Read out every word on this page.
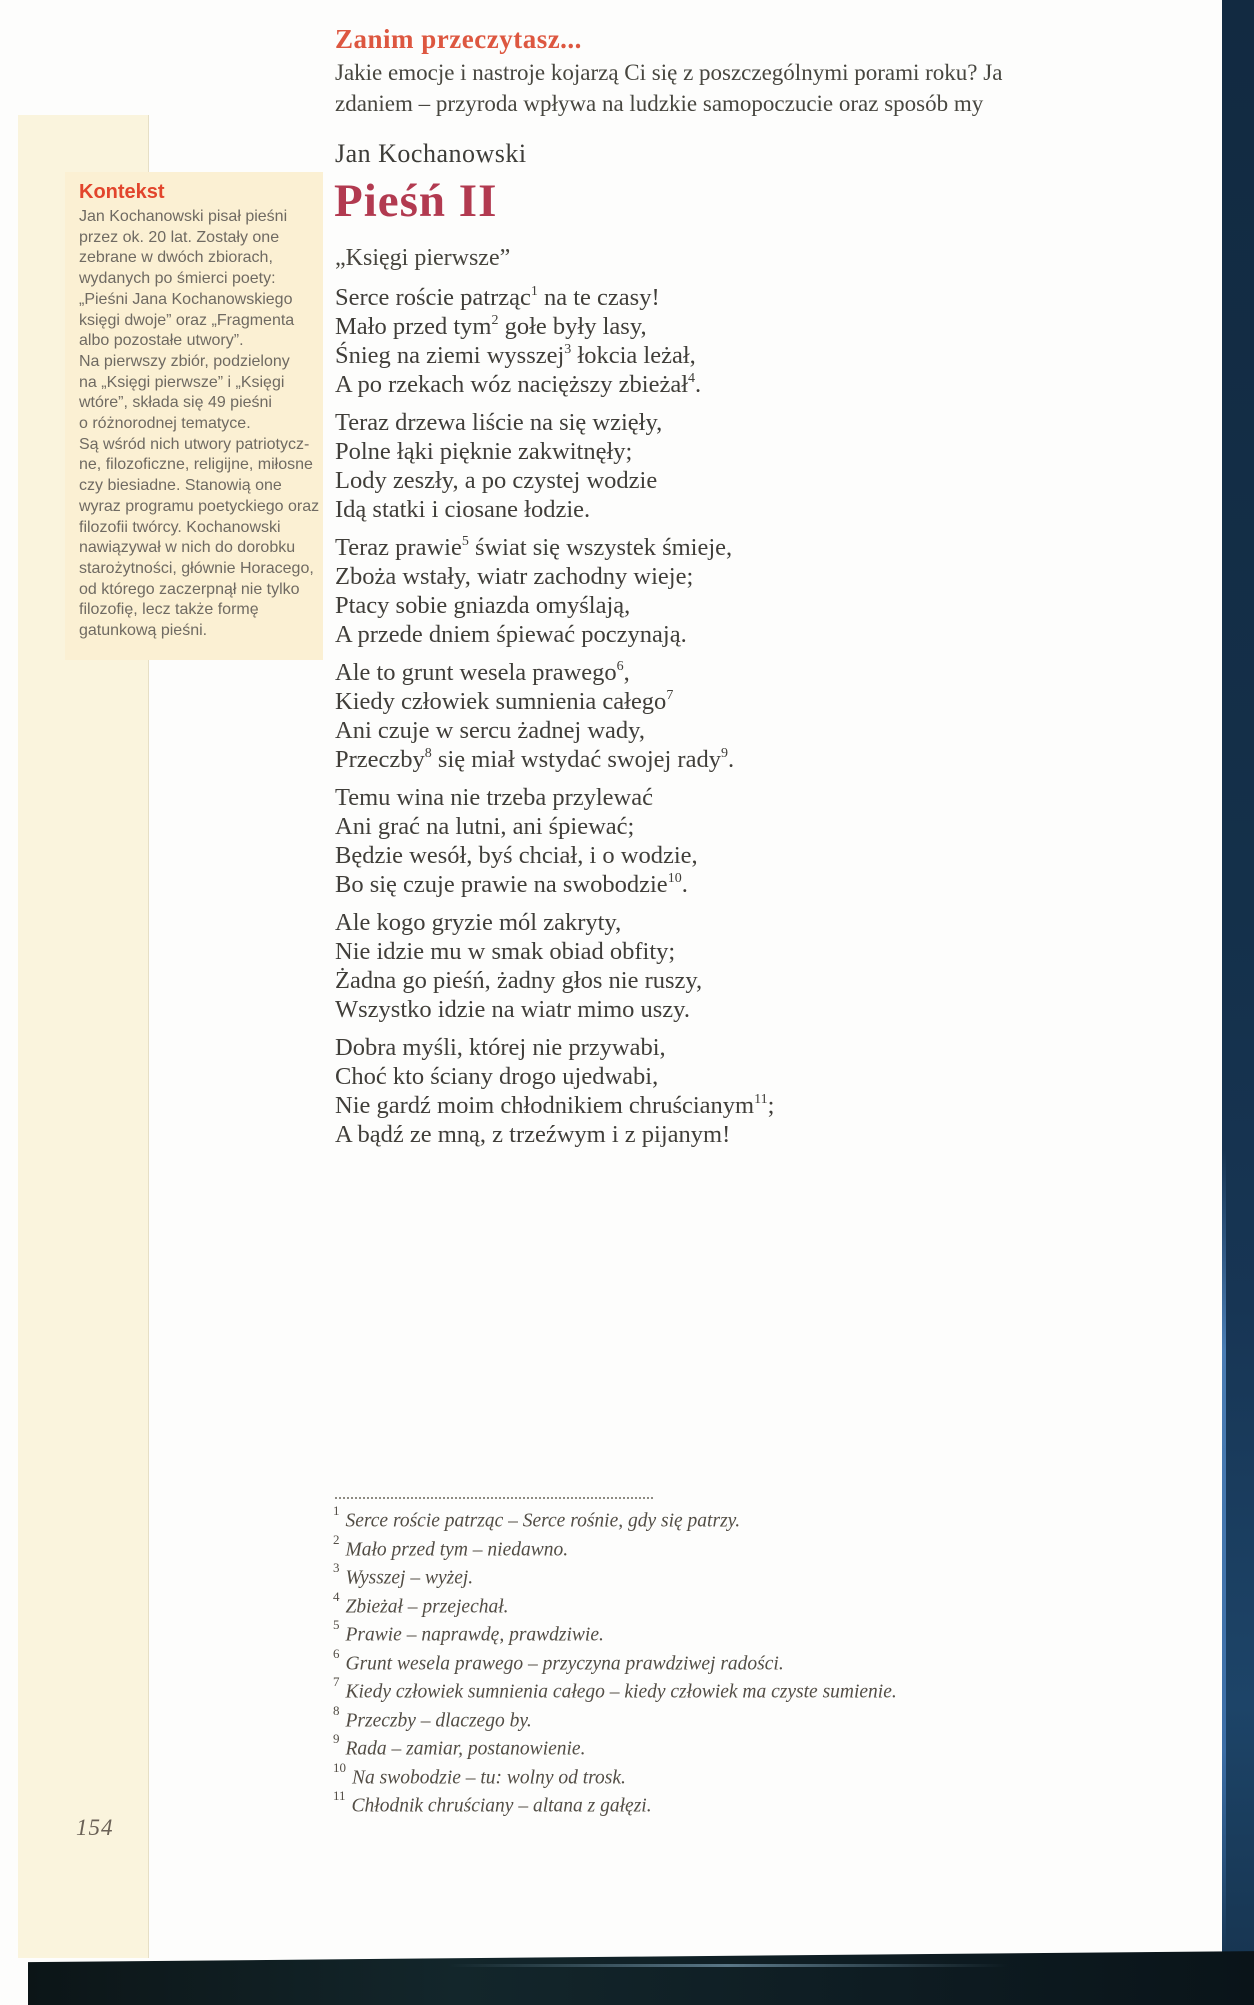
Kontekst
Jan Kochanowski pisał pieśni
przez ok. 20 lat. Zostały one
zebrane w dwóch zbiorach,
wydanych po śmierci poety:
„Pieśni Jana Kochanowskiego
księgi dwoje” oraz „Fragmenta
albo pozostałe utwory”.
Na pierwszy zbiór, podzielony
na „Księgi pierwsze” i „Księgi
wtóre”, składa się 49 pieśni
o różnorodnej tematyce.
Są wśród nich utwory patriotycz-
ne, filozoficzne, religijne, miłosne
czy biesiadne. Stanowią one
wyraz programu poetyckiego oraz
filozofii twórcy. Kochanowski
nawiązywał w nich do dorobku
starożytności, głównie Horacego,
od którego zaczerpnął nie tylko
filozofię, lecz także formę
gatunkową pieśni.
Zanim przeczytasz...
Jakie emocje i nastroje kojarzą Ci się z poszczególnymi porami roku? Ja
zdaniem – przyroda wpływa na ludzkie samopoczucie oraz sposób my
Jan Kochanowski
Pieśń II
„Księgi pierwsze”
Serce roście patrząc$^1$ na te czasy!
Mało przed tym$^2$ gołe były lasy,
Śnieg na ziemi wysszej$^3$ łokcia leżał,
A po rzekach wóz nacięższy zbieżał$^4$.
Teraz drzewa liście na się wzięły,
Polne łąki pięknie zakwitnęły;
Lody zeszły, a po czystej wodzie
Idą statki i ciosane łodzie.
Teraz prawie$^5$ świat się wszystek śmieje,
Zboża wstały, wiatr zachodny wieje;
Ptacy sobie gniazda omyślają,
A przede dniem śpiewać poczynają.
Ale to grunt wesela prawego$^6$,
Kiedy człowiek sumnienia całego$^7$
Ani czuje w sercu żadnej wady,
Przeczby$^8$ się miał wstydać swojej rady$^9$.
Temu wina nie trzeba przylewać
Ani grać na lutni, ani śpiewać;
Będzie wesół, byś chciał, i o wodzie,
Bo się czuje prawie na swobodzie$^{10}$.
Ale kogo gryzie mól zakryty,
Nie idzie mu w smak obiad obfity;
Żadna go pieśń, żadny głos nie ruszy,
Wszystko idzie na wiatr mimo uszy.
Dobra myśli, której nie przywabi,
Choć kto ściany drogo ujedwabi,
Nie gardź moim chłodnikiem chruścianym$^{11}$;
A bądź ze mną, z trzeźwym i z pijanym!
$^1$ Serce roście patrząc – Serce rośnie, gdy się patrzy.
$^2$ Mało przed tym – niedawno.
$^3$ Wysszej – wyżej.
$^4$ Zbieżał – przejechał.
$^5$ Prawie – naprawdę, prawdziwie.
$^6$ Grunt wesela prawego – przyczyna prawdziwej radości.
$^7$ Kiedy człowiek sumnienia całego – kiedy człowiek ma czyste sumienie.
$^8$ Przeczby – dlaczego by.
$^9$ Rada – zamiar, postanowienie.
$^{10}$ Na swobodzie – tu: wolny od trosk.
$^{11}$ Chłodnik chruściany – altana z gałęzi.
154
